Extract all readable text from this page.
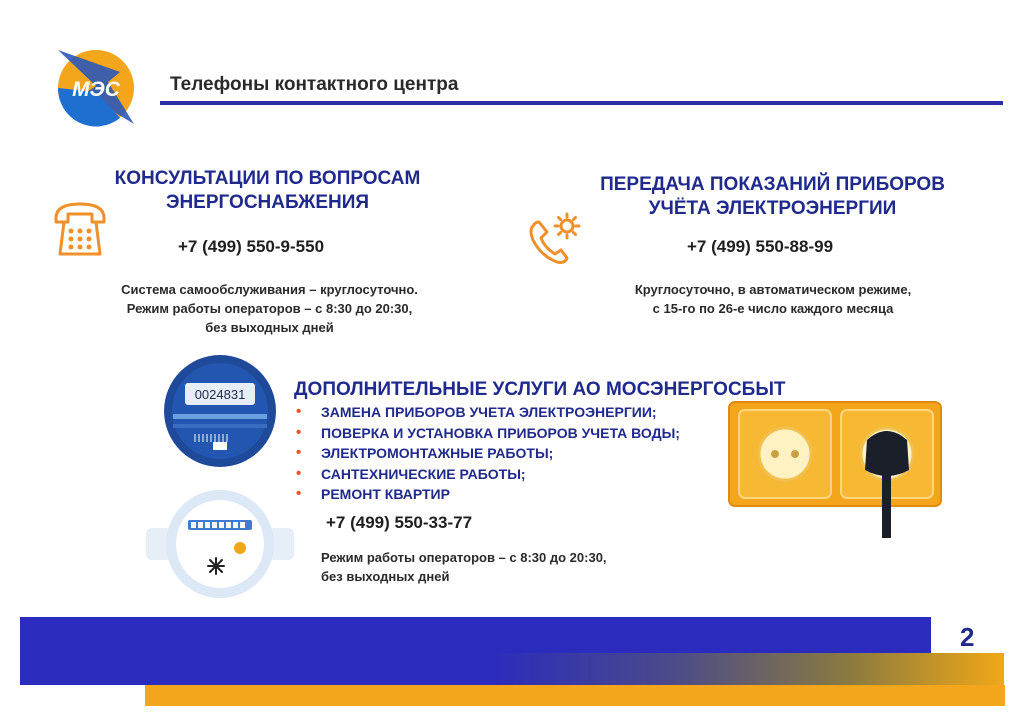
МЭС	Телефоны контактного центра
КОНСУЛЬТАЦИИ ПО ВОПРОСАМ ЭНЕРГОСНАБЖЕНИЯ
+7 (499) 550-9-550
Система самообслуживания – круглосуточно.
Режим работы операторов – с 8:30 до 20:30,
без выходных дней
ПЕРЕДАЧА ПОКАЗАНИЙ ПРИБОРОВ
УЧЁТА ЭЛЕКТРОЭНЕРГИИ
+7 (499) 550-88-99
Круглосуточно, в автоматическом режиме,
с 15-го по 26-е число каждого месяца
0024831	ДОПОЛНИТЕЛЬНЫЕ УСЛУГИ АО МОСЭНЕРГОСБЫТ
• ЗАМЕНА ПРИБОРОВ УЧЕТА ЭЛЕКТРОЭНЕРГИИ;
• ПОВЕРКА И УСТАНОВКА ПРИБОРОВ УЧЕТА ВОДЫ;
• ЭЛЕКТРОМОНТАЖНЫЕ РАБОТЫ;
• САНТЕХНИЧЕСКИЕ РАБОТЫ;
• РЕМОНТ КВАРТИР
+7 (499) 550-33-77
Режим работы операторов – с 8:30 до 20:30,
без выходных дней
2
